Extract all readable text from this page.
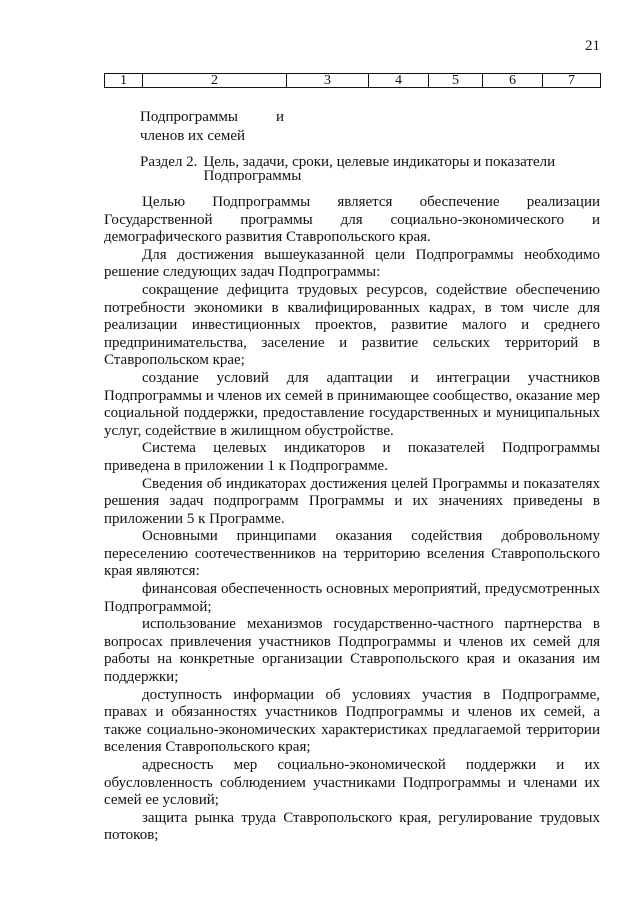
21
1	2	3	4	5	6	7
Подпрограммы	и
членов их семей
Раздел 2. Цель, задачи, сроки, целевые индикаторы и показатели Подпрограммы

Целью Подпрограммы является обеспечение реализации Государственной программы для социально-экономического и демографического развития Ставропольского края.

Для достижения вышеуказанной цели Подпрограммы необходимо решение следующих задач Подпрограммы:

сокращение дефицита трудовых ресурсов, содействие обеспечению потребности экономики в квалифицированных кадрах, в том числе для реализации инвестиционных проектов, развитие малого и среднего предпринимательства, заселение и развитие сельских территорий в Ставропольском крае;

создание условий для адаптации и интеграции участников Подпрограммы и членов их семей в принимающее сообщество, оказание мер социальной поддержки, предоставление государственных и муниципальных услуг, содействие в жилищном обустройстве.

Система целевых индикаторов и показателей Подпрограммы приведена в приложении 1 к Подпрограмме.

Сведения об индикаторах достижения целей Программы и показателях решения задач подпрограмм Программы и их значениях приведены в приложении 5 к Программе.

Основными принципами оказания содействия добровольному переселению соотечественников на территорию вселения Ставропольского края являются:

финансовая обеспеченность основных мероприятий, предусмотренных Подпрограммой;

использование механизмов государственно-частного партнерства в вопросах привлечения участников Подпрограммы и членов их семей для работы на конкретные организации Ставропольского края и оказания им поддержки;

доступность информации об условиях участия в Подпрограмме, правах и обязанностях участников Подпрограммы и членов их семей, а также социально-экономических характеристиках предлагаемой территории вселения Ставропольского края;

адресность мер социально-экономической поддержки и их обусловленность соблюдением участниками Подпрограммы и членами их семей ее условий;

защита рынка труда Ставропольского края, регулирование трудовых потоков;
